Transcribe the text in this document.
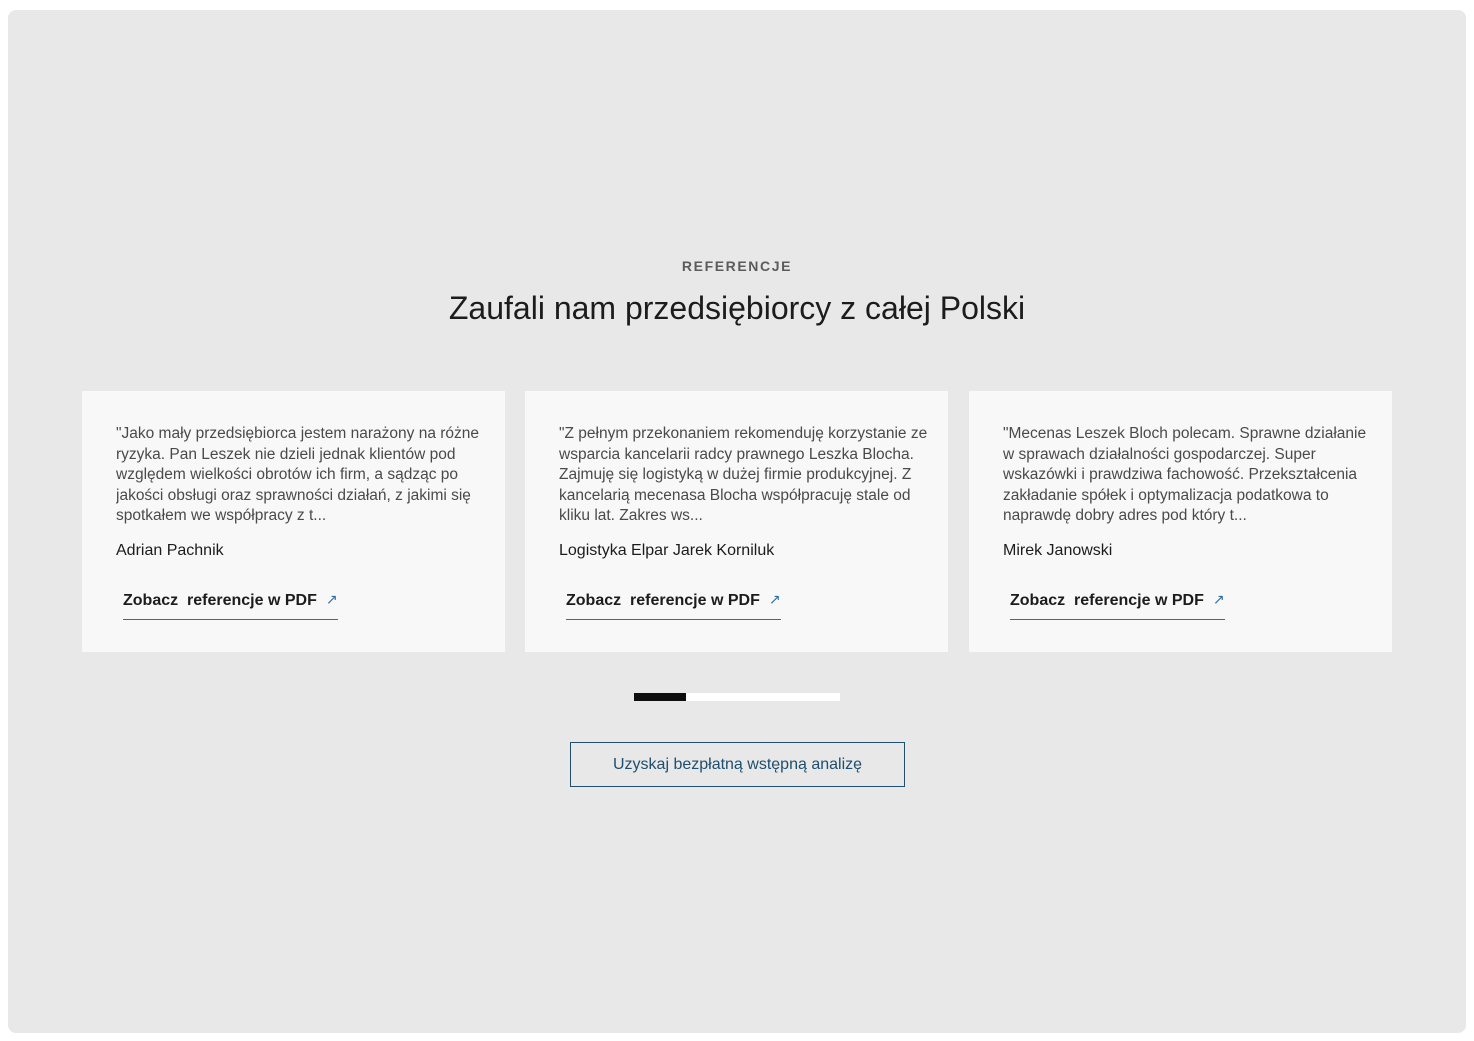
REFERENCJE
Zaufali nam przedsiębiorcy z całej Polski

"Jako mały przedsiębiorca jestem narażony na różne ryzyka. Pan Leszek nie dzieli jednak klientów pod względem wielkości obrotów ich firm, a sądząc po jakości obsługi oraz sprawności działań, z jakimi się spotkałem we współpracy z t...

Adrian Pachnik
Zobacz  referencje w PDF ↗

"Z pełnym przekonaniem rekomenduję korzystanie ze wsparcia kancelarii radcy prawnego Leszka Blocha. Zajmuję się logistyką w dużej firmie produkcyjnej. Z kancelarią mecenasa Blocha współpracuję stale od kliku lat. Zakres ws...

Logistyka Elpar Jarek Korniluk
Zobacz  referencje w PDF ↗

"Mecenas Leszek Bloch polecam. Sprawne działanie w sprawach działalności gospodarczej. Super wskazówki i prawdziwa fachowość. Przekształcenia zakładanie spółek i optymalizacja podatkowa to naprawdę dobry adres pod który t...

Mirek Janowski
Zobacz  referencje w PDF ↗
Uzyskaj bezpłatną wstępną analizę
